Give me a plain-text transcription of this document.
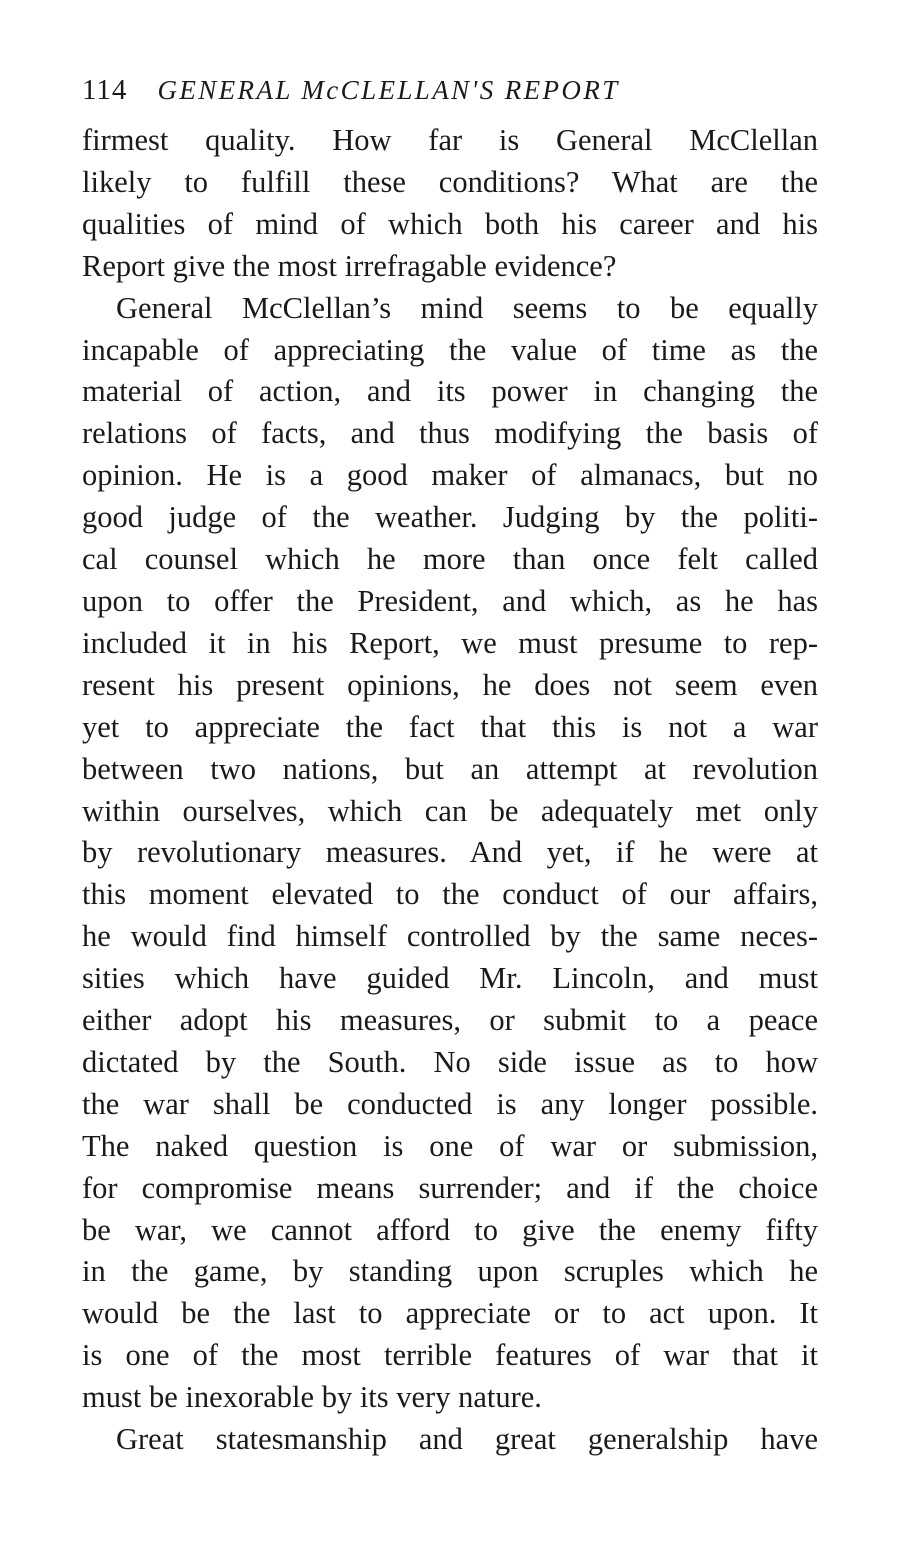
114 GENERAL McCLELLAN'S REPORT
firmest quality. How far is General McClellan
likely to fulfill these conditions? What are the
qualities of mind of which both his career and his
Report give the most irrefragable evidence?
General McClellan’s mind seems to be equally
incapable of appreciating the value of time as the
material of action, and its power in changing the
relations of facts, and thus modifying the basis of
opinion. He is a good maker of almanacs, but no
good judge of the weather. Judging by the politi-
cal counsel which he more than once felt called
upon to offer the President, and which, as he has
included it in his Report, we must presume to rep-
resent his present opinions, he does not seem even
yet to appreciate the fact that this is not a war
between two nations, but an attempt at revolution
within ourselves, which can be adequately met only
by revolutionary measures. And yet, if he were at
this moment elevated to the conduct of our affairs,
he would find himself controlled by the same neces-
sities which have guided Mr. Lincoln, and must
either adopt his measures, or submit to a peace
dictated by the South. No side issue as to how
the war shall be conducted is any longer possible.
The naked question is one of war or submission,
for compromise means surrender; and if the choice
be war, we cannot afford to give the enemy fifty
in the game, by standing upon scruples which he
would be the last to appreciate or to act upon. It
is one of the most terrible features of war that it
must be inexorable by its very nature.
Great statesmanship and great generalship have
